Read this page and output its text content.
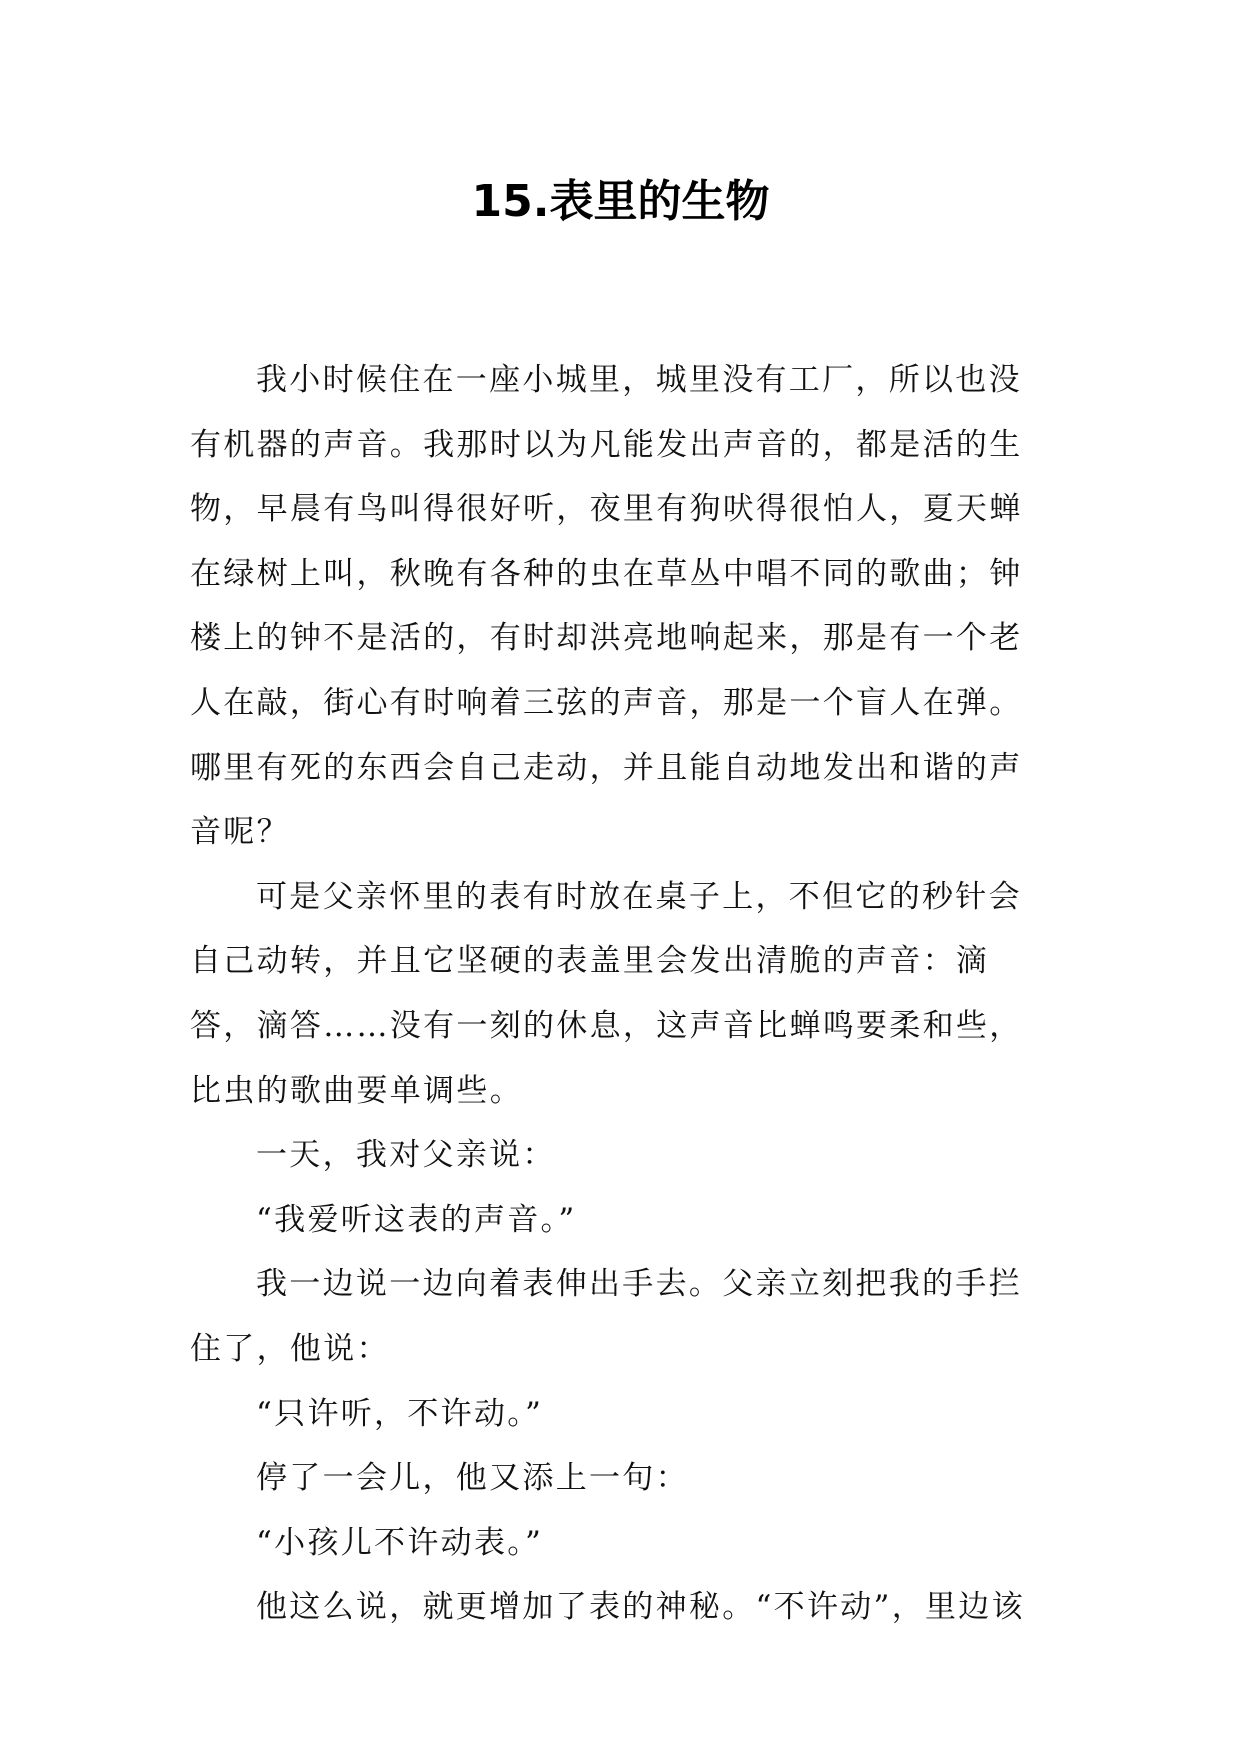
15.表里的生物

我小时候住在一座小城里，城里没有工厂，所以也没有机器的声音。我那时以为凡能发出声音的，都是活的生物，早晨有鸟叫得很好听，夜里有狗吠得很怕人，夏天蝉在绿树上叫，秋晚有各种的虫在草丛中唱不同的歌曲；钟楼上的钟不是活的，有时却洪亮地响起来，那是有一个老人在敲，街心有时响着三弦的声音，那是一个盲人在弹。哪里有死的东西会自己走动，并且能自动地发出和谐的声音呢？

可是父亲怀里的表有时放在桌子上，不但它的秒针会自己动转，并且它坚硬的表盖里会发出清脆的声音：滴答，滴答……没有一刻的休息，这声音比蝉鸣要柔和些，比虫的歌曲要单调些。

一天，我对父亲说：

“我爱听这表的声音。”

我一边说一边向着表伸出手去。父亲立刻把我的手拦住了，他说：

“只许听，不许动。”

停了一会儿，他又添上一句：

“小孩儿不许动表。”

他这么说，就更增加了表的神秘。“不许动”，里边该
